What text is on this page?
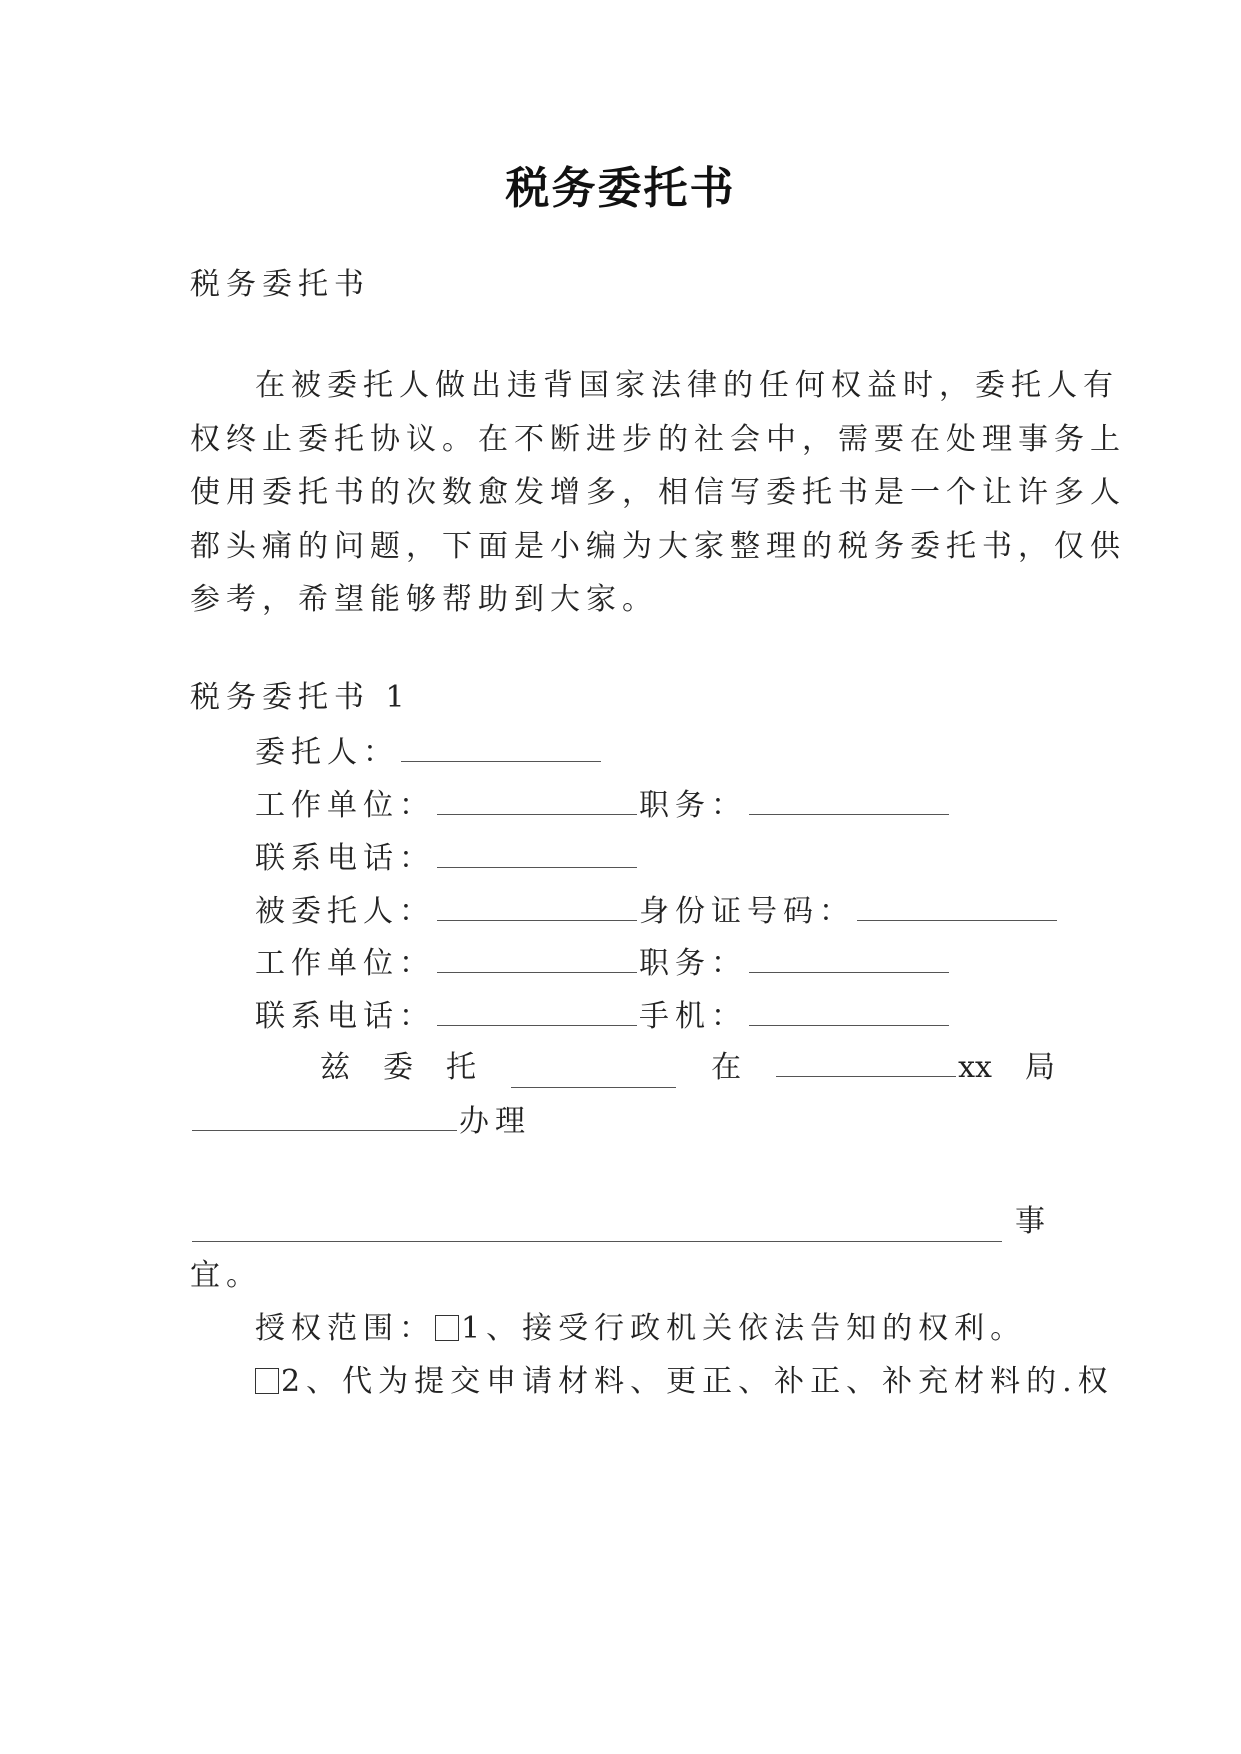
税务委托书
税务委托书
在被委托人做出违背国家法律的任何权益时，委托人有
权终止委托协议。在不断进步的社会中，需要在处理事务上
使用委托书的次数愈发增多，相信写委托书是一个让许多人
都头痛的问题，下面是小编为大家整理的税务委托书，仅供
参考，希望能够帮助到大家。
税务委托书 1
委托人：
工作单位：	职务：
联系电话：
被委托人：	身份证号码：
工作单位：	职务：
联系电话：	手机：
兹 委 托	在	xx 局
办理
事
宜。
授权范围： 1、接受行政机关依法告知的权利。
2、代为提交申请材料、更正、补正、补充材料的.权
